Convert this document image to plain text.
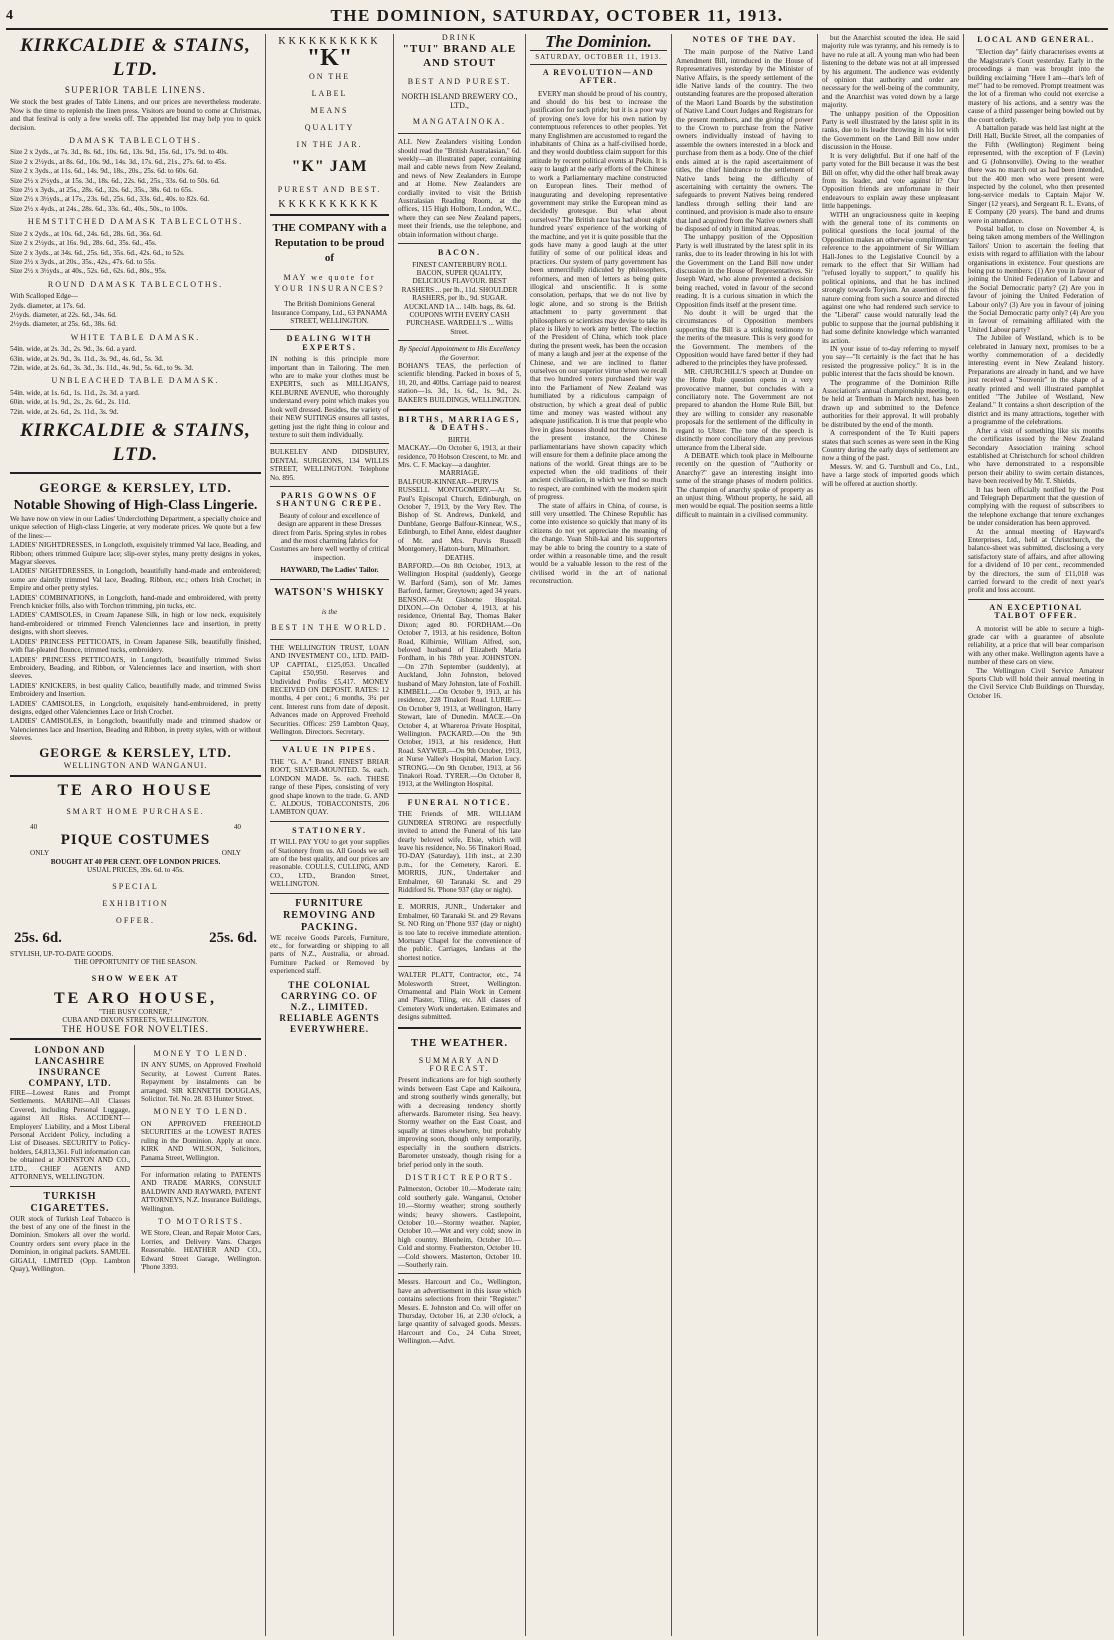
4	THE DOMINION, SATURDAY, OCTOBER 11, 1913.
KIRKCALDIE & STAINS, LTD.
SUPERIOR TABLE LINENS.
We stock the best grades of Table Linens, and our prices are nevertheless moderate. Now is the time to replenish the linen press. Visitors are bound to come at Christmas, and that festival is only a few weeks off. The appended list may help you to quick decision.
DAMASK TABLECLOTHS.
Size 2 x 2yds., at 7s. 3d., 8s. 6d., 10s. 6d., 13s. 9d., 15s. 6d., 17s. 9d. to 40s.
Size 2 x 2½yds., at 8s. 6d., 10s. 9d., 14s. 3d., 17s. 6d., 21s., 27s. 6d. to 45s.
Size 2 x 3yds., at 11s. 6d., 14s. 9d., 18s., 20s., 25s. 6d. to 60s. 6d.
Size 2½ x 2½yds., at 15s. 3d., 18s. 6d., 22s. 6d., 25s., 33s. 6d. to 50s. 6d.
Size 2½ x 3yds., at 25s., 28s. 6d., 32s. 6d., 35s., 38s. 6d. to 65s.
Size 2½ x 3½yds., at 17s., 23s. 6d., 25s. 6d., 33s. 6d., 40s. to 82s. 6d.
Size 2½ x 4yds., at 24s., 28s. 6d., 33s. 6d., 40s., 50s., to 100s.
HEMSTITCHED DAMASK TABLECLOTHS.
Size 2 x 2yds., at 10s. 6d., 24s. 6d., 28s. 6d., 36s. 6d.
Size 2 x 2½yds., at 16s. 9d., 28s. 6d., 35s. 6d., 45s.
Size 2 x 3yds., at 34s. 6d., 25s. 6d., 35s. 6d., 42s. 6d., to 52s.
Size 2½ x 3yds., at 20s., 35s., 42s., 47s. 6d. to 55s.
Size 2½ x 3½yds., at 40s., 52s. 6d., 62s. 6d., 80s., 95s.
ROUND DAMASK TABLECLOTHS.
With Scalloped Edge—
2yds. diameter, at 17s. 6d.
2½yds. diameter, at 22s. 6d., 34s. 6d.
2½yds. diameter, at 25s. 6d., 38s. 6d.
WHITE TABLE DAMASK.
54in. wide, at 2s. 3d., 2s. 9d., 3s. 6d. a yard.
63in. wide, at 2s. 9d., 3s. 11d., 3s. 9d., 4s. 6d., 5s. 3d.
72in. wide, at 2s. 6d., 3s. 3d., 3s. 11d., 4s. 9d., 5s. 6d., to 9s. 3d.
UNBLEACHED TABLE DAMASK.
54in. wide, at 1s. 6d., 1s. 11d., 2s. 3d. a yard.
60in. wide, at 1s. 9d., 2s., 2s. 6d., 2s. 11d.
72in. wide, at 2s. 6d., 2s. 11d., 3s. 9d.
KIRKCALDIE & STAINS, LTD.
GEORGE & KERSLEY, LTD.
Notable Showing of High-Class Lingerie.
We have now on view in our Ladies' Underclothing Department, a specially choice and unique selection of High-class Lingerie, at very moderate prices. We quote but a few of the lines:—
LADIES' NIGHTDRESSES, in Longcloth, exquisitely trimmed Val lace, Beading, and Ribbon; others trimmed Guipure lace; slip-over styles, many pretty designs in yokes, Magyar sleeves.
LADIES' NIGHTDRESSES, in Longcloth, beautifully hand-made and embroidered; some are daintily trimmed Val lace, Beading, Ribbon, etc.; others Irish Crochet; in Empire and other pretty styles.
LADIES' COMBINATIONS, in Longcloth, hand-made and embroidered, with pretty French knicker frills, also with Torchon trimming, pin tucks, etc.
LADIES' CAMISOLES, in Cream Japanese Silk, in high or low neck, exquisitely hand-embroidered or trimmed French Valenciennes lace and insertion, in pretty designs, with short sleeves.
LADIES' PRINCESS PETTICOATS, in Cream Japanese Silk, beautifully finished, with flat-pleated flounce, trimmed tucks, embroidery.
LADIES' PRINCESS PETTICOATS, in Longcloth, beautifully trimmed Swiss Embroidery, Beading, and Ribbon, or Valenciennes lace and insertion, with short sleeves.
LADIES' KNICKERS, in best quality Calico, beautifully made, and trimmed Swiss Embroidery and Insertion.
LADIES' CAMISOLES, in Longcloth, exquisitely hand-embroidered, in pretty designs, edged other Valenciennes Lace or Irish Crochet.
LADIES' CAMISOLES, in Longcloth, beautifully made and trimmed shadow or Valenciennes lace and Insertion, Beading and Ribbon, in pretty styles, with or without sleeves.
GEORGE & KERSLEY, LTD.
WELLINGTON AND WANGANUI.
TE ARO HOUSE
SMART HOME PURCHASE.
40	40
PIQUE COSTUMES
ONLY	ONLY
BOUGHT AT 40 PER CENT. OFF LONDON PRICES.
USUAL PRICES, 39s. 6d. to 45s.
SPECIAL
EXHIBITION
OFFER.
25s. 6d.	25s. 6d.
STYLISH, UP-TO-DATE GOODS.
THE OPPORTUNITY OF THE SEASON.
SHOW WEEK AT
TE ARO HOUSE,
"THE BUSY CORNER,"
CUBA AND DIXON STREETS, WELLINGTON.
THE HOUSE FOR NOVELTIES.
LONDON AND LANCASHIRE INSURANCE COMPANY, LTD.
FIRE—Lowest Rates and Prompt Settlements. MARINE—All Classes Covered, including Personal Luggage, against All Risks. ACCIDENT—Employers' Liability, and a Most Liberal Personal Accident Policy, including a List of Diseases. SECURITY to Policy-holders, £4,813,361. Full information can be obtained at JOHNSTON AND CO., LTD., CHIEF AGENTS AND ATTORNEYS, WELLINGTON.
TURKISH CIGARETTES.
OUR stock of Turkish Leaf Tobacco is the best of any one of the finest in the Dominion. Smokers all over the world. Country orders sent every place in the Dominion, in original packets. SAMUEL GIGALI, LIMITED (Opp. Lambton Quay), Wellington.
MONEY TO LEND.
IN ANY SUMS, on Approved Freehold Security, at Lowest Current Rates. Repayment by instalments can be arranged. SIR KENNETH DOUGLAS, Solicitor. Tel. No. 28. 83 Hunter Street.
MONEY TO LEND.
ON APPROVED FREEHOLD SECURITIES at the LOWEST RATES ruling in the Dominion. Apply at once. KIRK AND WILSON, Solicitors, Panama Street, Wellington.
For information relating to PATENTS AND TRADE MARKS, CONSULT BALDWIN AND RAYWARD, PATENT ATTORNEYS, N.Z. Insurance Buildings, Wellington.
TO MOTORISTS.
WE Store, Clean, and Repair Motor Cars, Lorries, and Delivery Vans. Charges Reasonable. HEATHER AND CO., Edward Street Garage, Wellington. 'Phone 3393.
KKKKKKKKKK
"K"
ON THE
LABEL
MEANS
QUALITY
IN THE JAR.
"K" JAM
PUREST AND BEST.
KKKKKKKKKK
THE COMPANY with a Reputation to be proud of
MAY we quote for YOUR INSURANCES?
The British Dominions General Insurance Company, Ltd., 63 PANAMA STREET, WELLINGTON.
DEALING WITH EXPERTS.
IN nothing is this principle more important than in Tailoring. The men who are to make your clothes must be EXPERTS, such as MILLIGAN'S, KELBURNE AVENUE, who thoroughly understand every point which makes you look well dressed. Besides, the variety of their NEW SUITINGS ensures all tastes, getting just the right thing in colour and texture to suit them individually.
BULKELEY AND DIDSBURY, DENTAL SURGEONS, 134 WILLIS STREET, WELLINGTON. Telephone No. 895.
PARIS GOWNS OF SHANTUNG CREPE.
Beauty of colour and excellence of design are apparent in these Dresses direct from Paris. Spring styles in robes and the most charming fabrics for Costumes are here well worthy of critical inspection.
HAYWARD, The Ladies' Tailor.
WATSON'S WHISKY
is the
BEST IN THE WORLD.
THE WELLINGTON TRUST, LOAN AND INVESTMENT CO., LTD. PAID-UP CAPITAL, £125,053. Uncalled Capital £50,950. Reserves and Undivided Profits £5,417. MONEY RECEIVED ON DEPOSIT. RATES: 12 months, 4 per cent.; 6 months, 3¼ per cent. Interest runs from date of deposit. Advances made on Approved Freehold Securities. Offices: 259 Lambton Quay, Wellington. Directors. Secretary.
VALUE IN PIPES.
THE "G. A." Brand. FINEST BRIAR ROOT, SILVER-MOUNTED. 5s. each. LONDON MADE. 5s. each. THESE range of these Pipes, consisting of very good shape known to the trade. G. AND C. ALDOUS, TOBACCONISTS, 206 LAMBTON QUAY.
STATIONERY.
IT WILL PAY YOU to get your supplies of Stationery from us. All Goods we sell are of the best quality, and our prices are reasonable. COULLS, CULLING, AND CO., LTD., Brandon Street, WELLINGTON.
FURNITURE REMOVING AND PACKING.
WE receive Goods Parcels, Furniture, etc., for forwarding or shipping to all parts of N.Z., Australia, or abroad. Furniture Packed or Removed by experienced staff.
THE COLONIAL CARRYING CO. OF N.Z., LIMITED. RELIABLE AGENTS EVERYWHERE.
DRINK
"TUI" BRAND ALE AND STOUT
BEST AND PUREST.
NORTH ISLAND BREWERY CO., LTD.,
MANGATAINOKA.
ALL New Zealanders visiting London should read the "British Australasian," 6d. weekly—an illustrated paper, containing mail and cable news from New Zealand, and news of New Zealanders in Europe and at Home. New Zealanders are cordially invited to visit the British Australasian Reading Room, at the offices, 115 High Holborn, London, W.C., where they can see New Zealand papers, meet their friends, use the telephone, and obtain information without charge.
BACON.
FINEST CANTERBURY ROLL BACON, SUPER QUALITY, DELICIOUS FLAVOUR. BEST RASHERS ... per lb., 11d. SHOULDER RASHERS, per lb., 9d. SUGAR. AUCKLAND 1A ... 14lb. bags, 8s. 6d. COUPONS WITH EVERY CASH PURCHASE. WARDELL'S ... Willis Street.
By Special Appointment to His Excellency the Governor.
BOHAN'S TEAS, the perfection of scientific blending. Packed in boxes of 5, 10, 20, and 40lbs. Carriage paid to nearest station—1s. 3d., 1s. 6d., 1s. 9d., 2s. BAKER'S BUILDINGS, WELLINGTON.
BIRTHS, MARRIAGES, & DEATHS.
BIRTH.
MACKAY.—On October 6, 1913, at their residence, 70 Hobson Crescent, to Mr. and Mrs. C. F. Mackay—a daughter.
MARRIAGE.
BALFOUR-KINNEAR—PURVIS RUSSELL MONTGOMERY.—At St. Paul's Episcopal Church, Edinburgh, on October 7, 1913, by the Very Rev. The Bishop of St. Andrews, Dunkeld, and Dunblane, George Balfour-Kinnear, W.S., Edinburgh, to Ethel Anne, eldest daughter of Mr. and Mrs. Purvis Russell Montgomery, Hatton-burn, Milnathort.
DEATHS.
BARFORD.—On 8th October, 1913, at Wellington Hospital (suddenly), George W. Barford (Sam), son of Mr. James Barford, farmer, Greytown; aged 34 years. BENSON.—At Gisborne Hospital. DIXON.—On October 4, 1913, at his residence, Oriental Bay, Thomas Baker Dixon; aged 80. FORDHAM.—On October 7, 1913, at his residence, Bolton Road, Kilbirnie, William Alfred, son, beloved husband of Elizabeth Maria Fordham, in his 78th year. JOHNSTON.—On 27th September (suddenly), at Auckland, John Johnston, beloved husband of Mary Johnston, late of Foxhill. KIMBELL.—On October 9, 1913, at his residence, 228 Tinakori Road. LURIE.—On October 9, 1913, at Wellington, Harry Stewart, late of Dunedin. MACE.—On October 4, at Whareroa Private Hospital, Wellington. PACKARD.—On the 9th October, 1913, at his residence, Hutt Road. SAYWER.—On 9th October, 1913, at Nurse Vallee's Hospital, Marion Lucy. STRONG.—On 9th October, 1913, at 56 Tinakori Road. TYRER.—On October 8, 1913, at the Wellington Hospital.
FUNERAL NOTICE.
THE Friends of MR. WILLIAM GUNDREA STRONG are respectfully invited to attend the Funeral of his late dearly beloved wife, Elsie, which will leave his residence, No. 56 Tinakori Road, TO-DAY (Saturday), 11th inst., at 2.30 p.m., for the Cemetery, Karori. E. MORRIS, JUN., Undertaker and Embalmer, 60 Taranaki St. and 29 Riddiford St. 'Phone 937 (day or night).
E. MORRIS, JUNR., Undertaker and Embalmer, 60 Taranaki St. and 29 Revans St. NO Ring on 'Phone 937 (day or night) is too late to receive immediate attention. Mortuary Chapel for the convenience of the public. Carriages, landaus at the shortest notice.
WALTER PLATT, Contractor, etc., 74 Molesworth Street, Wellington. Ornamental and Plain Work in Cement and Plaster, Tiling, etc. All classes of Cemetery Work undertaken. Estimates and designs submitted.
THE WEATHER.
SUMMARY AND FORECAST.
Present indications are for high southerly winds between East Cape and Kaikoura, and strong southerly winds generally, but with a decreasing tendency shortly afterwards. Barometer rising. Sea heavy. Stormy weather on the East Coast, and squally at times elsewhere, but probably improving soon, though only temporarily, especially in the southern districts. Barometer unsteady, though rising for a brief period only in the south.
DISTRICT REPORTS.
Palmerston, October 10.—Moderate rain; cold southerly gale. Wanganui, October 10.—Stormy weather; strong southerly winds; heavy showers. Castlepoint, October 10.—Stormy weather. Napier, October 10.—Wet and very cold; snow in high country. Blenheim, October 10.—Cold and stormy. Featherston, October 10.—Cold showers. Masterton, October 10.—Southerly rain.
Messrs. Harcourt and Co., Wellington, have an advertisement in this issue which contains selections from their "Register." Messrs. E. Johnston and Co. will offer on Thursday, October 16, at 2.30 o'clock, a large quantity of salvaged goods. Messrs. Harcourt and Co., 24 Cuba Street, Wellington.—Advt.
The Dominion.
SATURDAY, OCTOBER 11, 1913.
A REVOLUTION—AND AFTER.

EVERY man should be proud of his country, and should do his best to increase the justification for such pride; but it is a poor way of proving one's love for his own nation by contemptuous references to other peoples. Yet many Englishmen are accustomed to regard the inhabitants of China as a half-civilised horde, and they would doubtless claim support for this attitude by recent political events at Pekin. It is easy to laugh at the early efforts of the Chinese to work a Parliamentary machine constructed on European lines. Their method of inaugurating and developing representative government may strike the European mind as decidedly grotesque. But what about ourselves? The British race has had about eight hundred years' experience of the working of the machine, and yet it is quite possible that the gods have many a good laugh at the utter futility of some of our political ideas and practices. Our system of party government has been unmercifully ridiculed by philosophers, reformers, and men of letters as being quite illogical and unscientific. It is some consolation, perhaps, that we do not live by logic alone, and so strong is the British attachment to party government that philosophers or scientists may devise to take its place is likely to work any better. The election of the President of China, which took place during the present week, has been the occasion of many a laugh and jeer at the expense of the Chinese, and we are inclined to flatter ourselves on our superior virtue when we recall that two hundred voters purchased their way into the Parliament of New Zealand was humiliated by a ridiculous campaign of obstruction, by which a great deal of public time and money was wasted without any adequate justification. It is true that people who live in glass houses should not throw stones. In the present instance, the Chinese parliamentarians have shown capacity which will ensure for them a definite place among the nations of the world. Great things are to be expected when the old traditions of their ancient civilisation, in which we find so much to respect, are combined with the modern spirit of progress.

The state of affairs in China, of course, is still very unsettled. The Chinese Republic has come into existence so quickly that many of its citizens do not yet appreciate the meaning of the change. Yuan Shih-kai and his supporters may be able to bring the country to a state of order within a reasonable time, and the result would be a valuable lesson to the rest of the civilised world in the art of national reconstruction.

NOTES OF THE DAY.

The main purpose of the Native Land Amendment Bill, introduced in the House of Representatives yesterday by the Minister of Native Affairs, is the speedy settlement of the idle Native lands of the country. The two outstanding features are the proposed alteration of the Maori Land Boards by the substitution of Native Land Court Judges and Registrars for the present members, and the giving of power to the Crown to purchase from the Native owners individually instead of having to assemble the owners interested in a block and purchase from them as a body. One of the chief ends aimed at is the rapid ascertainment of titles, the chief hindrance to the settlement of Native lands being the difficulty of ascertaining with certainty the owners. The safeguards to prevent Natives being rendered landless through selling their land are continued, and provision is made also to ensure that land acquired from the Native owners shall be disposed of only in limited areas.

The unhappy position of the Opposition Party is well illustrated by the latest split in its ranks, due to its leader throwing in his lot with the Government on the Land Bill now under discussion in the House of Representatives. Sir Joseph Ward, who alone prevented a decision being reached, voted in favour of the second reading. It is a curious situation in which the Opposition finds itself at the present time.

No doubt it will be urged that the circumstances of Opposition members supporting the Bill is a striking testimony to the merits of the measure. This is very good for the Government. The members of the Opposition would have fared better if they had adhered to the principles they have professed.

MR. CHURCHILL'S speech at Dundee on the Home Rule question opens in a very provocative manner, but concludes with a conciliatory note. The Government are not prepared to abandon the Home Rule Bill, but they are willing to consider any reasonable proposals for the settlement of the difficulty in regard to Ulster. The tone of the speech is distinctly more conciliatory than any previous utterance from the Liberal side.

A DEBATE which took place in Melbourne recently on the question of "Authority or Anarchy?" gave an interesting insight into some of the strange phases of modern politics. The champion of anarchy spoke of property as an unjust thing. Without property, he said, all men would be equal. The position seems a little difficult to maintain in a civilised community.

but the Anarchist scouted the idea. He said majority rule was tyranny, and his remedy is to have no rule at all. A young man who had been listening to the debate was not at all impressed by his argument. The audience was evidently of opinion that authority and order are necessary for the well-being of the community, and the Anarchist was voted down by a large majority.

The unhappy position of the Opposition Party is well illustrated by the latest split in its ranks, due to its leader throwing in his lot with the Government on the Land Bill now under discussion in the House.

It is very delightful. But if one half of the party voted for the Bill because it was the best Bill on offer, why did the other half break away from its leader, and vote against it? Our Opposition friends are unfortunate in their endeavours to explain away these unpleasant little happenings.

WITH an ungraciousness quite in keeping with the general tone of its comments on political questions the local journal of the Opposition makes an otherwise complimentary reference to the appointment of Sir William Hall-Jones to the Legislative Council by a remark to the effect that Sir William had "refused loyally to support," to qualify his political opinions, and that he has inclined strongly towards Toryism. An assertion of this nature coming from such a source and directed against one who had rendered such service to the "Liberal" cause would naturally lead the public to suppose that the journal publishing it had some definite knowledge which warranted its action.

IN your issue of to-day referring to myself you say—"It certainly is the fact that he has resisted the progressive policy." It is in the public interest that the facts should be known.

The programme of the Dominion Rifle Association's annual championship meeting, to be held at Trentham in March next, has been drawn up and submitted to the Defence authorities for their approval. It will probably be distributed by the end of the month.

A correspondent of the Te Kuiti papers states that such scenes as were seen in the King Country during the early days of settlement are now a thing of the past.

Messrs. W. and G. Turnbull and Co., Ltd., have a large stock of imported goods which will be offered at auction shortly.

LOCAL AND GENERAL.

"Election day" fairly characterises events at the Magistrate's Court yesterday. Early in the proceedings a man was brought into the building exclaiming "Here I am—that's left of me!" had to be removed. Prompt treatment was the lot of a fireman who could not exercise a mastery of his actions, and a sentry was the cause of a third passenger being bowled out by the court orderly.

A battalion parade was held last night at the Drill Hall, Buckle Street, all the companies of the Fifth (Wellington) Regiment being represented, with the exception of F (Levin) and G (Johnsonville). Owing to the weather there was no march out as had been intended, but the 400 men who were present were inspected by the colonel, who then presented long-service medals to Captain Major W. Singer (12 years), and Sergeant R. L. Evans, of E Company (20 years). The band and drums were in attendance.

Postal ballot, to close on November 4, is being taken among members of the Wellington Tailors' Union to ascertain the feeling that exists with regard to affiliation with the labour organisations in existence. Four questions are being put to members: (1) Are you in favour of joining the United Federation of Labour and the Social Democratic party? (2) Are you in favour of joining the United Federation of Labour only? (3) Are you in favour of joining the Social Democratic party only? (4) Are you in favour of remaining affiliated with the United Labour party?

The Jubilee of Westland, which is to be celebrated in January next, promises to be a worthy commemoration of a decidedly interesting event in New Zealand history. Preparations are already in hand, and we have just received a "Souvenir" in the shape of a neatly printed and well illustrated pamphlet entitled "The Jubilee of Westland, New Zealand." It contains a short description of the district and its many attractions, together with a programme of the celebrations.

After a visit of something like six months the certificates issued by the New Zealand Secondary Association training school established at Christchurch for school children who have demonstrated to a responsible person their ability to swim certain distances, have been received by Mr. T. Shields.

It has been officially notified by the Post and Telegraph Department that the question of complying with the request of subscribers to the telephone exchange that tenure exchanges be under consideration has been approved.

At the annual meeting of Hayward's Enterprises, Ltd., held at Christchurch, the balance-sheet was submitted, disclosing a very satisfactory state of affairs, and after allowing for a dividend of 10 per cent., recommended by the directors, the sum of £11,018 was carried forward to the credit of next year's profit and loss account.

AN EXCEPTIONAL TALBOT OFFER.

A motorist will be able to secure a high-grade car with a guarantee of absolute reliability, at a price that will bear comparison with any other make. Wellington agents have a number of these cars on view.

The Wellington Civil Service Amateur Sports Club will hold their annual meeting in the Civil Service Club Buildings on Thursday, October 16.
